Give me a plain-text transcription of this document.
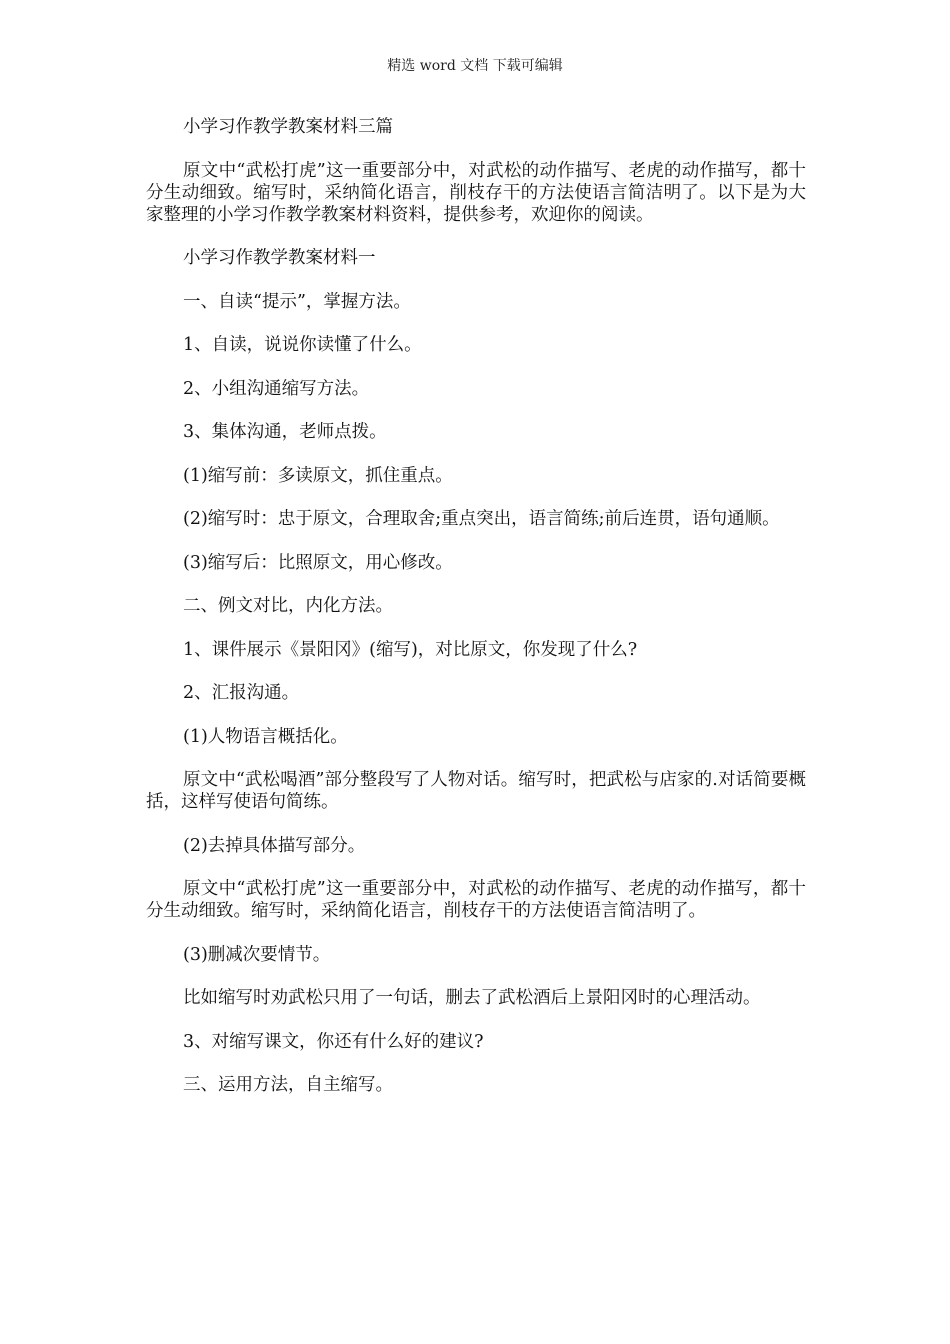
精选 word 文档 下载可编辑

小学习作教学教案材料三篇

原文中“武松打虎”这一重要部分中，对武松的动作描写、老虎的动作描写，都十分生动细致。缩写时，采纳简化语言，削枝存干的方法使语言简洁明了。以下是为大家整理的小学习作教学教案材料资料，提供参考，欢迎你的阅读。

小学习作教学教案材料一

一、自读“提示”，掌握方法。

1、自读，说说你读懂了什么。

2、小组沟通缩写方法。

3、集体沟通，老师点拨。

(1)缩写前：多读原文，抓住重点。

(2)缩写时：忠于原文，合理取舍;重点突出，语言简练;前后连贯，语句通顺。

(3)缩写后：比照原文，用心修改。

二、例文对比，内化方法。

1、课件展示《景阳冈》(缩写)，对比原文，你发现了什么?

2、汇报沟通。

(1)人物语言概括化。

原文中“武松喝酒”部分整段写了人物对话。缩写时，把武松与店家的.对话简要概括，这样写使语句简练。

(2)去掉具体描写部分。

原文中“武松打虎”这一重要部分中，对武松的动作描写、老虎的动作描写，都十分生动细致。缩写时，采纳简化语言，削枝存干的方法使语言简洁明了。

(3)删减次要情节。

比如缩写时劝武松只用了一句话，删去了武松酒后上景阳冈时的心理活动。

3、对缩写课文，你还有什么好的建议?

三、运用方法，自主缩写。
